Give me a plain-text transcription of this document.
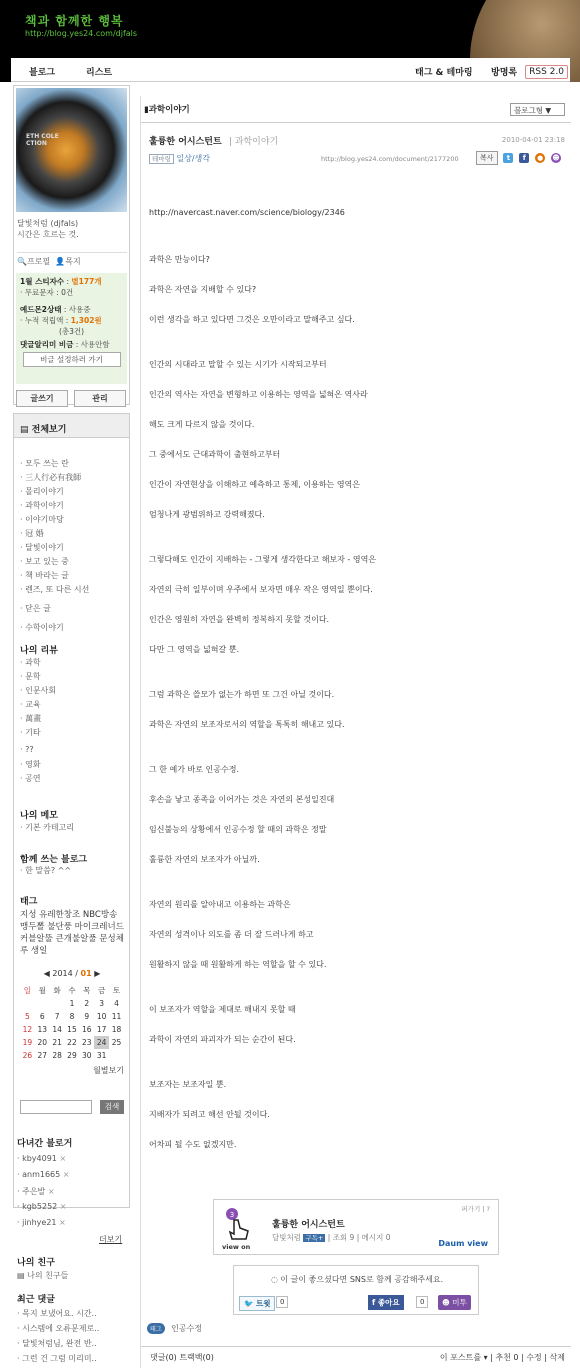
책과 함께한 행복
http://blog.yes24.com/djfals
블로그	리스트	태그 & 테마링 방명록	RSS 2.0
ETH COLE
CTION
달빛처럼 (djfals)
시간은 흐르는 것.
🔍프로필 👤목지
1월 스티자수 : 별177개
· 무료문자 : 0건
예드몬2상태 : 사용중
· 누적 적립액 : 1,302원
(총3건)
댓글알리미 비금 : 사용안함
비글 설정하러 가기
글쓰기	관리
▤ 전체보기
· 모두 쓰는 란
· 三人行必有我師
· 몰리이야기
· 과학이야기
· 이야기마당
· 冠 婚
· 달빛이야기
· 보고 있는 중
· 책 바라는 글
· 렌즈, 또 다른 시선
· 닫은 글
· 수학이야기
나의 리뷰
· 과학
· 문학
· 인문사회
· 교육
· 萬畫
· 기타
· ??
· 영화
· 공연
나의 메모
· 기본 카테고리
함께 쓰는 블로그
· 한 말씀? ^^
태그
지성 유레한창조 NBC방송 맹두뽈 불단풍 마이크레너드 커블알뚤 큰개불알풀 문성체루 생일
◀ 2014 / 01 ▶
일	월	화	수	목	금	토
			1	2	3	4
5	6	7	8	9	10	11
12	13	14	15	16	17	18
19	20	21	22	23	24	25
26	27	28	29	30	31	
월별보기
검색
다녀간 블로거
· kby4091 ×
· anm1665 ×
· 주은발 ×
· kgb5252 ×
· jinhye21 ×
더보기
나의 친구
▤ 나의 친구들
최근 댓글
· 목지 보냈어요. 시간..
· 시스템에 오류문제로..
· 달빛처럼님, 완전 반..
· 그런 건 그럼 미리미..
▮과학이야기	블로그형 ▼
훌륭한 어시스턴트 | 과학이야기	2010-04-01 23:18
테마링 일상/생각	http://blog.yes24.com/document/2177200	복사 t f ● ☻

http://navercast.naver.com/science/biology/2346

과학은 만능이다?

과학은 자연을 지배할 수 있다?

이런 생각을 하고 있다면 그것은 오만이라고 말해주고 싶다.

인간의 시대라고 말할 수 있는 시기가 시작되고부터

인간의 역사는 자연을 변형하고 이용하는 영역을 넓혀온 역사라

해도 크게 다르지 않을 것이다.

그 중에서도 근대과학이 출현하고부터

인간이 자연현상을 이해하고 예측하고 통제, 이용하는 영역은

엄청나게 광범위하고 강력해졌다.

그렇다해도 인간이 지배하는 - 그렇게 생각한다고 해보자 - 영역은

자연의 극히 일부이며 우주에서 보자면 매우 작은 영역일 뿐이다.

인간은 영원히 자연을 완벽히 정복하지 못할 것이다.

다만 그 영역을 넓혀갈 뿐.

그럼 과학은 쓸모가 없는가 하면 또 그건 아닐 것이다.

과학은 자연의 보조자로서의 역할을 톡톡히 해내고 있다.

그 한 예가 바로 인공수정.

후손을 낳고 종족을 이어가는 것은 자연의 본성일진대

임신불능의 상황에서 인공수정 할 때의 과학은 정말

훌륭한 자연의 보조자가 아닐까.

자연의 원리를 알아내고 이용하는 과학은

자연의 성격이나 의도를 좀 더 잘 드러나게 하고

원활하지 않을 때 원활하게 하는 역할을 할 수 있다.

이 보조자가 역할을 제대로 해내지 못할 때

과학이 자연의 파괴자가 되는 순간이 된다.

보조자는 보조자일 뿐.

지배자가 되려고 해선 안될 것이다.

어차피 될 수도 없겠지만.

3
view on
퍼가기 | ?
훌륭한 어시스턴트
달빛처럼 구독+ | 조회 9 | 메시지 0
Daum view
◌ 이 글이 좋으셨다면 SNS로 함께 공감해주세요.
🐦 트윗	0	f 좋아요	0	☻ 미투
태그 인공수정
댓글(0) 트랙백(0)	이 포스트를 ▾ | 추천 0 | 수정 | 삭제
